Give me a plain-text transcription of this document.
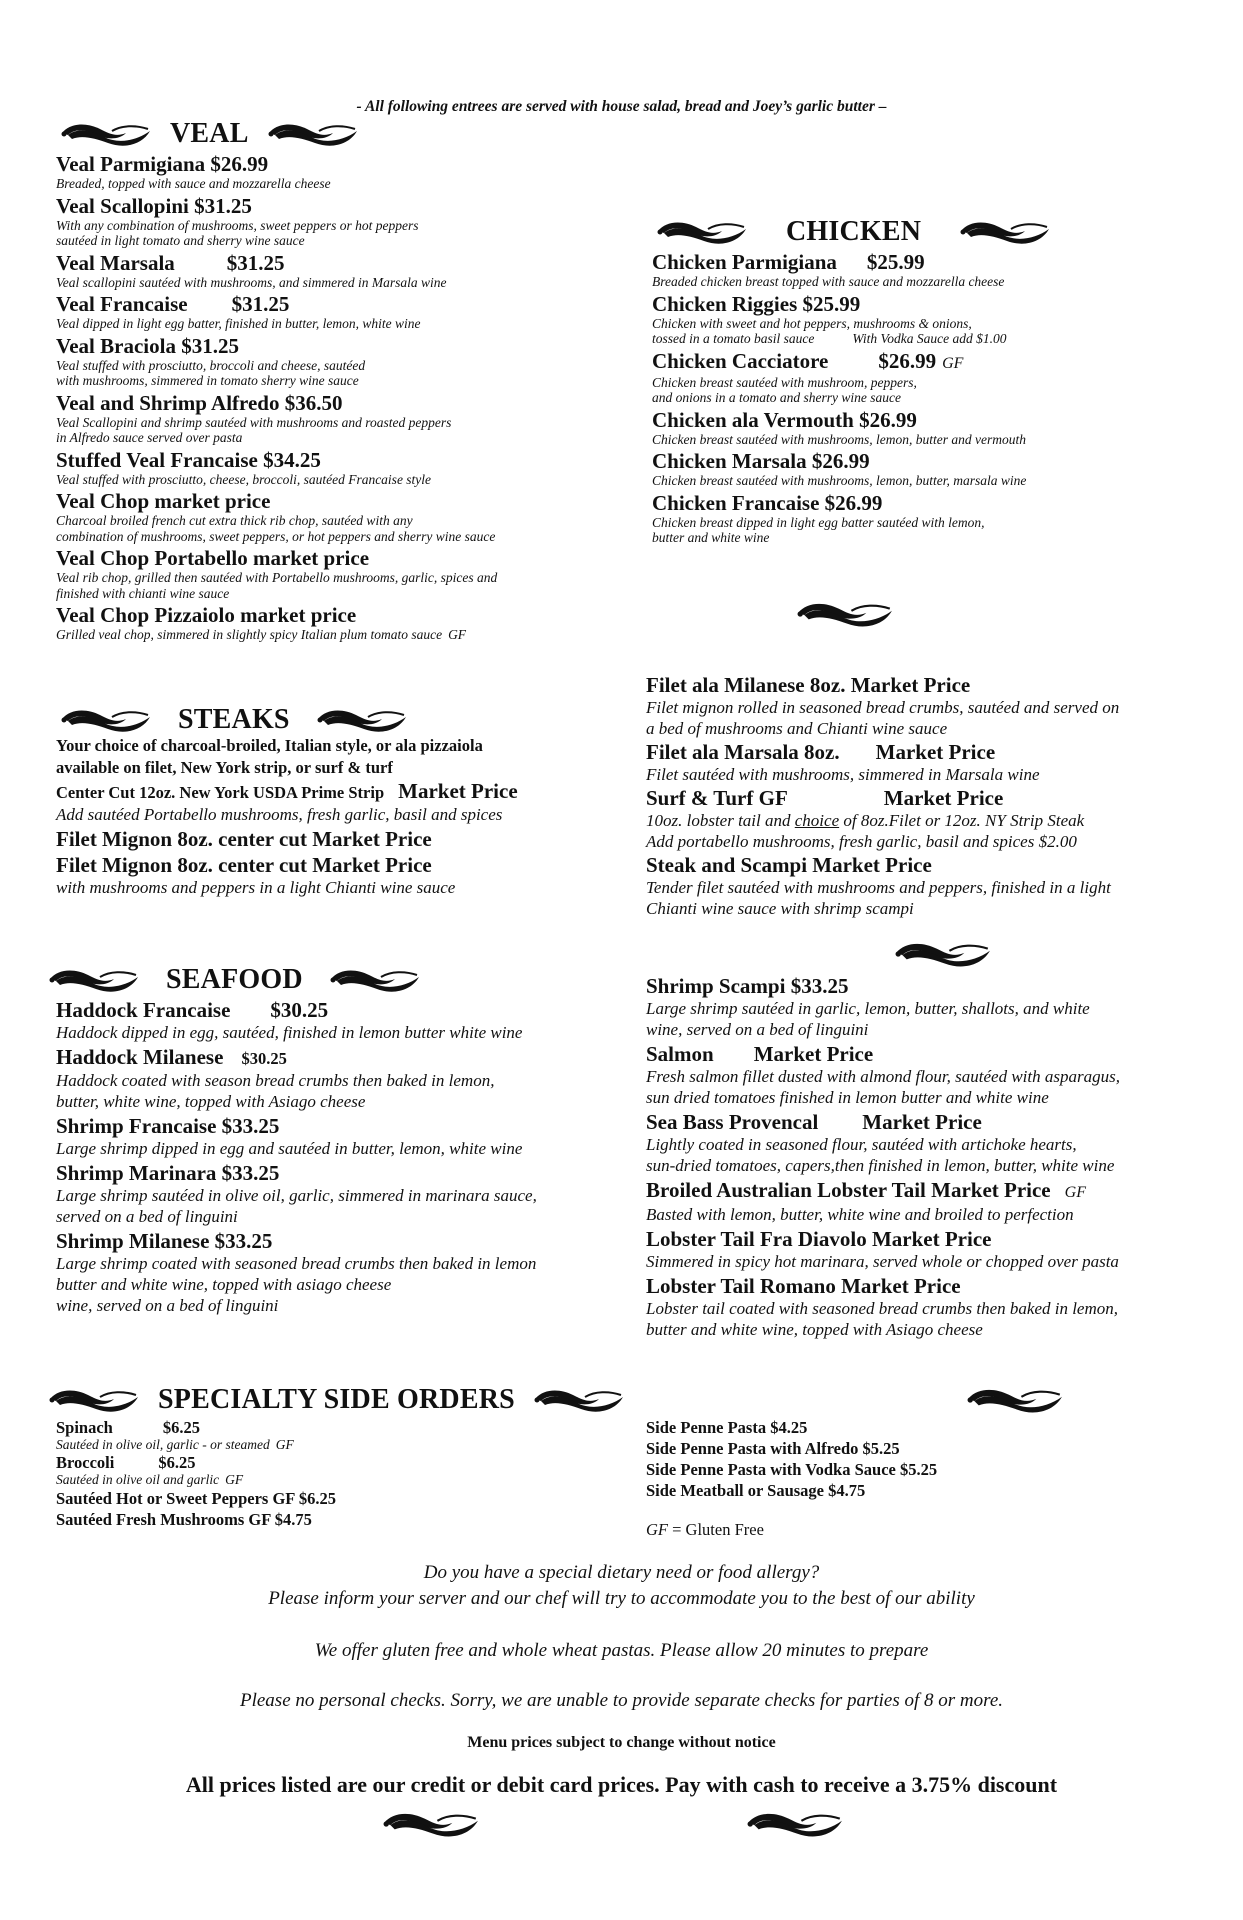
- All following entrees are served with house salad, bread and Joey’s garlic butter –
VEAL
Veal Parmigiana $26.99
Breaded, topped with sauce and mozzarella cheese
Veal Scallopini $31.25
With any combination of mushrooms, sweet peppers or hot peppers
sautéed in light tomato and sherry wine sauce
Veal Marsala $31.25
Veal scallopini sautéed with mushrooms, and simmered in Marsala wine
Veal Francaise $31.25
Veal dipped in light egg batter, finished in butter, lemon, white wine
Veal Braciola $31.25
Veal stuffed with prosciutto, broccoli and cheese, sautéed
with mushrooms, simmered in tomato sherry wine sauce
Veal and Shrimp Alfredo $36.50
Veal Scallopini and shrimp sautéed with mushrooms and roasted peppers
in Alfredo sauce served over pasta
Stuffed Veal Francaise $34.25
Veal stuffed with prosciutto, cheese, broccoli, sautéed Francaise style
Veal Chop market price
Charcoal broiled french cut extra thick rib chop, sautéed with any
combination of mushrooms, sweet peppers, or hot peppers and sherry wine sauce
Veal Chop Portabello market price
Veal rib chop, grilled then sautéed with Portabello mushrooms, garlic, spices and
finished with chianti wine sauce
Veal Chop Pizzaiolo market price
Grilled veal chop, simmered in slightly spicy Italian plum tomato sauce GF
CHICKEN
Chicken Parmigiana $25.99
Breaded chicken breast topped with sauce and mozzarella cheese
Chicken Riggies $25.99
Chicken with sweet and hot peppers, mushrooms & onions,
tossed in a tomato basil sauce	With Vodka Sauce add $1.00
Chicken Cacciatore $26.99 GF
Chicken breast sautéed with mushroom, peppers,
and onions in a tomato and sherry wine sauce
Chicken ala Vermouth $26.99
Chicken breast sautéed with mushrooms, lemon, butter and vermouth
Chicken Marsala $26.99
Chicken breast sautéed with mushrooms, lemon, butter, marsala wine
Chicken Francaise $26.99
Chicken breast dipped in light egg batter sautéed with lemon,
butter and white wine
STEAKS
Your choice of charcoal-broiled, Italian style, or ala pizzaiola
available on filet, New York strip, or surf & turf
Center Cut 12oz. New York USDA Prime Strip Market Price
Add sautéed Portabello mushrooms, fresh garlic, basil and spices
Filet Mignon 8oz. center cut Market Price
Filet Mignon 8oz. center cut Market Price
with mushrooms and peppers in a light Chianti wine sauce
Filet ala Milanese 8oz. Market Price
Filet mignon rolled in seasoned bread crumbs, sautéed and served on
a bed of mushrooms and Chianti wine sauce
Filet ala Marsala 8oz. Market Price
Filet sautéed with mushrooms, simmered in Marsala wine
Surf & Turf GF	Market Price
10oz. lobster tail and choice of 8oz.Filet or 12oz. NY Strip Steak
Add portabello mushrooms, fresh garlic, basil and spices $2.00
Steak and Scampi Market Price
Tender filet sautéed with mushrooms and peppers, finished in a light
Chianti wine sauce with shrimp scampi
SEAFOOD
Haddock Francaise $30.25
Haddock dipped in egg, sautéed, finished in lemon butter white wine
Haddock Milanese $30.25
Haddock coated with season bread crumbs then baked in lemon,
butter, white wine, topped with Asiago cheese
Shrimp Francaise $33.25
Large shrimp dipped in egg and sautéed in butter, lemon, white wine
Shrimp Marinara $33.25
Large shrimp sautéed in olive oil, garlic, simmered in marinara sauce,
served on a bed of linguini
Shrimp Milanese $33.25
Large shrimp coated with seasoned bread crumbs then baked in lemon
butter and white wine, topped with asiago cheese
wine, served on a bed of linguini
Shrimp Scampi $33.25
Large shrimp sautéed in garlic, lemon, butter, shallots, and white
wine, served on a bed of linguini
Salmon Market Price
Fresh salmon fillet dusted with almond flour, sautéed with asparagus,
sun dried tomatoes finished in lemon butter and white wine
Sea Bass Provencal Market Price
Lightly coated in seasoned flour, sautéed with artichoke hearts,
sun-dried tomatoes, capers,then finished in lemon, butter, white wine
Broiled Australian Lobster Tail Market Price GF
Basted with lemon, butter, white wine and broiled to perfection
Lobster Tail Fra Diavolo Market Price
Simmered in spicy hot marinara, served whole or chopped over pasta
Lobster Tail Romano Market Price
Lobster tail coated with seasoned bread crumbs then baked in lemon,
butter and white wine, topped with Asiago cheese
SPECIALTY SIDE ORDERS
Spinach	$6.25
Sautéed in olive oil, garlic - or steamed GF
Broccoli	$6.25
Sautéed in olive oil and garlic GF
Sautéed Hot or Sweet Peppers GF $6.25
Sautéed Fresh Mushrooms GF $4.75
Side Penne Pasta $4.25
Side Penne Pasta with Alfredo $5.25
Side Penne Pasta with Vodka Sauce $5.25
Side Meatball or Sausage $4.75
GF = Gluten Free
Do you have a special dietary need or food allergy?
Please inform your server and our chef will try to accommodate you to the best of our ability
We offer gluten free and whole wheat pastas. Please allow 20 minutes to prepare
Please no personal checks. Sorry, we are unable to provide separate checks for parties of 8 or more.
Menu prices subject to change without notice
All prices listed are our credit or debit card prices. Pay with cash to receive a 3.75% discount
